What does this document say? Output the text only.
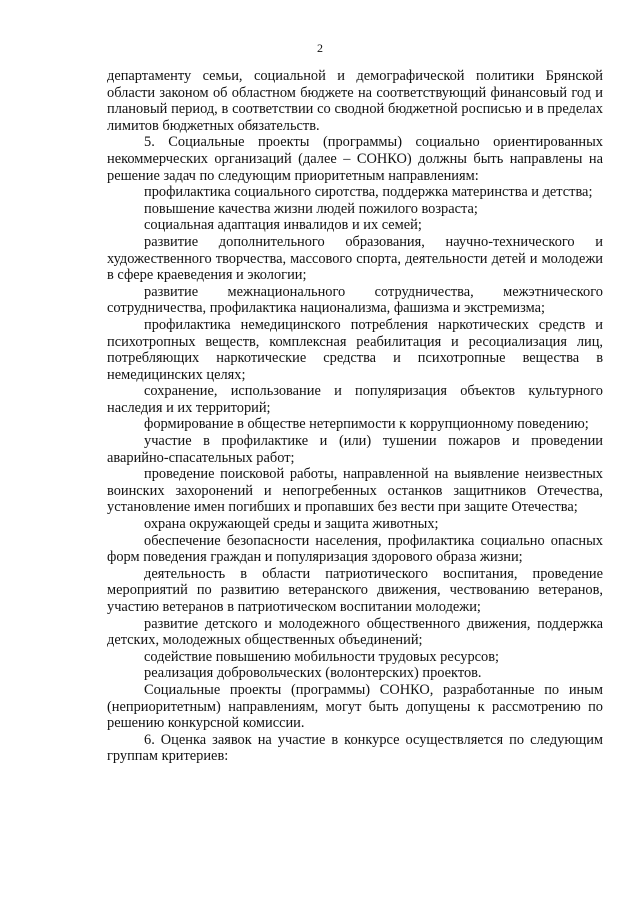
2

департаменту семьи, социальной и демографической политики Брянской области законом об областном бюджете на соответствующий финансовый год и плановый период, в соответствии со сводной бюджетной росписью и в пределах лимитов бюджетных обязательств.

5. Социальные проекты (программы) социально ориентированных некоммерческих организаций (далее – СОНКО) должны быть направлены на решение задач по следующим приоритетным направлениям:

профилактика социального сиротства, поддержка материнства и детства;

повышение качества жизни людей пожилого возраста;

социальная адаптация инвалидов и их семей;

развитие дополнительного образования, научно-технического и художественного творчества, массового спорта, деятельности детей и молодежи в сфере краеведения и экологии;

развитие межнационального сотрудничества, межэтнического сотрудничества, профилактика национализма, фашизма и экстремизма;

профилактика немедицинского потребления наркотических средств и психотропных веществ, комплексная реабилитация и ресоциализация лиц, потребляющих наркотические средства и психотропные вещества в немедицинских целях;

сохранение, использование и популяризация объектов культурного наследия и их территорий;

формирование в обществе нетерпимости к коррупционному поведению;

участие в профилактике и (или) тушении пожаров и проведении аварийно-спасательных работ;

проведение поисковой работы, направленной на выявление неизвестных воинских захоронений и непогребенных останков защитников Отечества, установление имен погибших и пропавших без вести при защите Отечества;

охрана окружающей среды и защита животных;

обеспечение безопасности населения, профилактика социально опасных форм поведения граждан и популяризация здорового образа жизни;

деятельность в области патриотического воспитания, проведение мероприятий по развитию ветеранского движения, чествованию ветеранов, участию ветеранов в патриотическом воспитании молодежи;

развитие детского и молодежного общественного движения, поддержка детских, молодежных общественных объединений;

содействие повышению мобильности трудовых ресурсов;

реализация добровольческих (волонтерских) проектов.

Социальные проекты (программы) СОНКО, разработанные по иным (неприоритетным) направлениям, могут быть допущены к рассмотрению по решению конкурсной комиссии.

6. Оценка заявок на участие в конкурсе осуществляется по следующим группам критериев:
